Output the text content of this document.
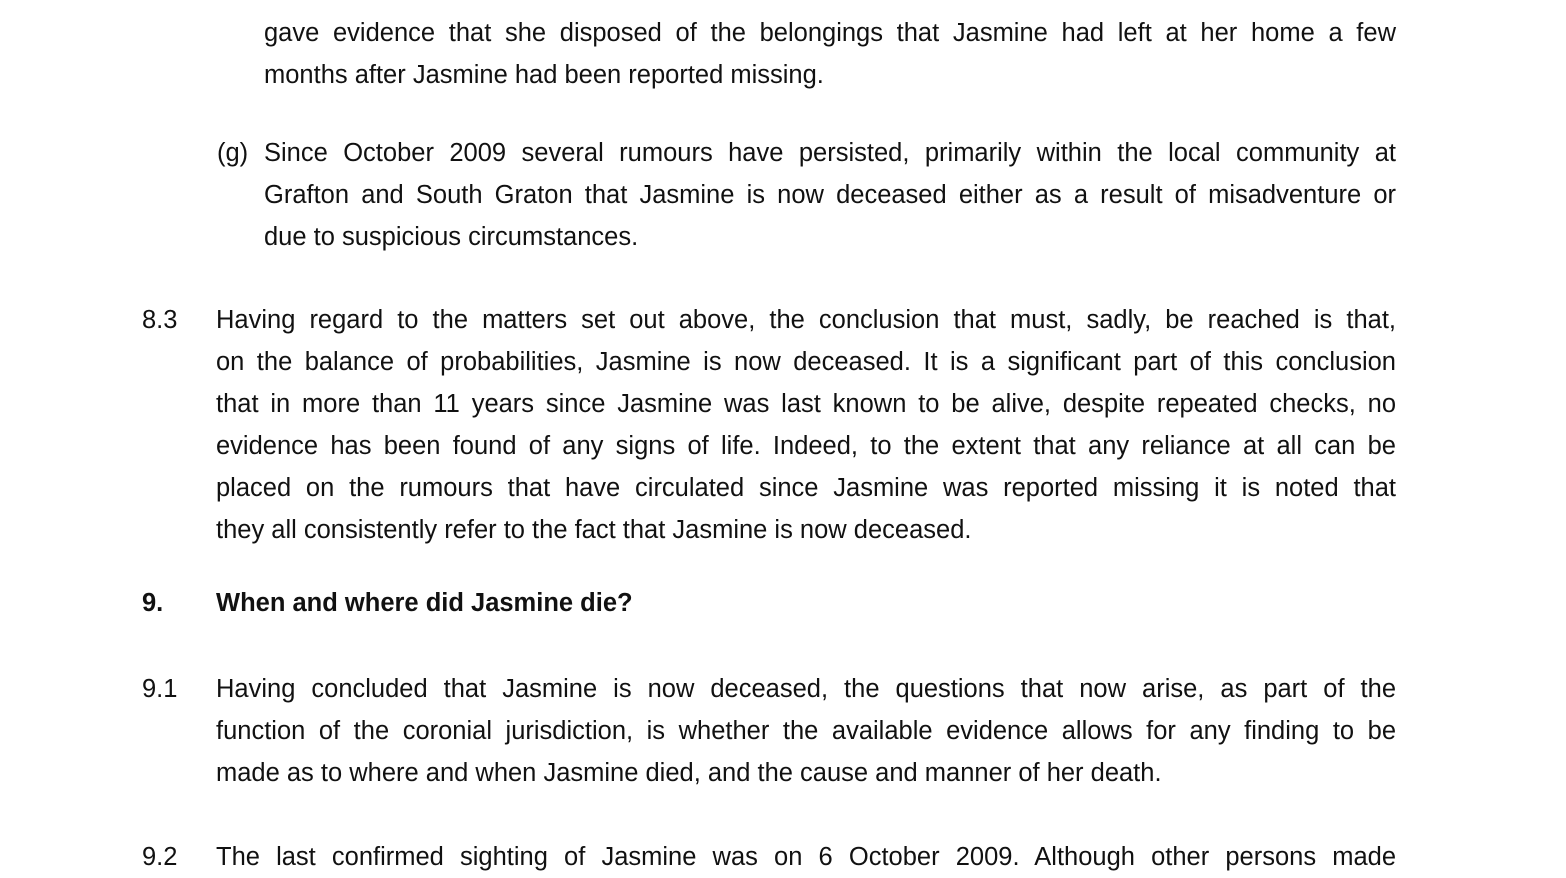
gave evidence that she disposed of the belongings that Jasmine had left at her home a few
months after Jasmine had been reported missing.
(g) Since October 2009 several rumours have persisted, primarily within the local community at
Grafton and South Graton that Jasmine is now deceased either as a result of misadventure or
due to suspicious circumstances.
8.3 Having regard to the matters set out above, the conclusion that must, sadly, be reached is that,
on the balance of probabilities, Jasmine is now deceased. It is a significant part of this conclusion
that in more than 11 years since Jasmine was last known to be alive, despite repeated checks, no
evidence has been found of any signs of life. Indeed, to the extent that any reliance at all can be
placed on the rumours that have circulated since Jasmine was reported missing it is noted that
they all consistently refer to the fact that Jasmine is now deceased.
9. When and where did Jasmine die?
9.1 Having concluded that Jasmine is now deceased, the questions that now arise, as part of the
function of the coronial jurisdiction, is whether the available evidence allows for any finding to be
made as to where and when Jasmine died, and the cause and manner of her death.
9.2 The last confirmed sighting of Jasmine was on 6 October 2009. Although other persons made
